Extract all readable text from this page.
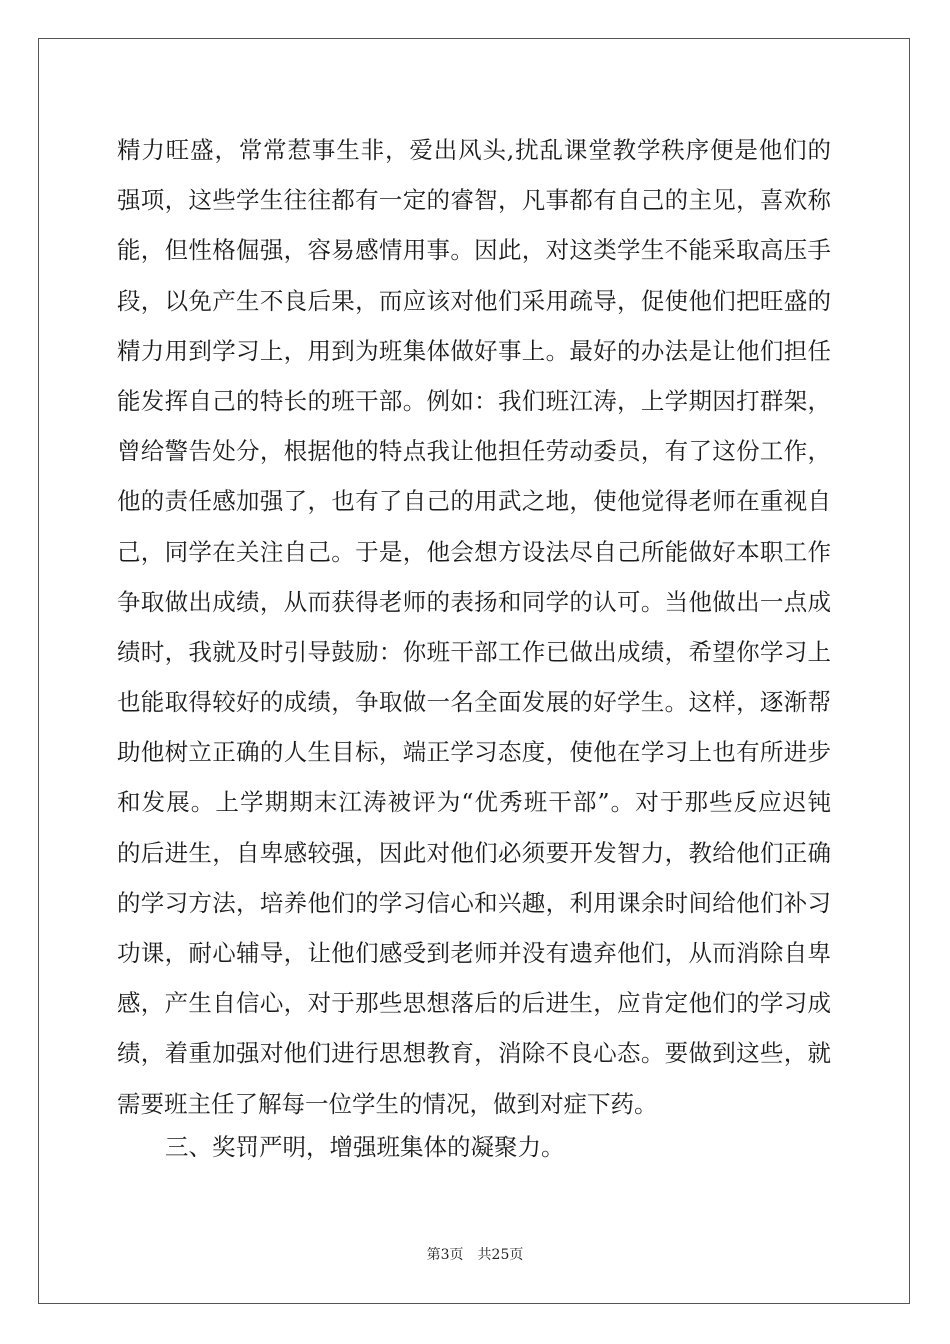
精力旺盛，常常惹事生非，爱出风头,扰乱课堂教学秩序便是他们的
强项，这些学生往往都有一定的睿智，凡事都有自己的主见，喜欢称
能，但性格倔强，容易感情用事。因此，对这类学生不能采取高压手
段，以免产生不良后果，而应该对他们采用疏导，促使他们把旺盛的
精力用到学习上，用到为班集体做好事上。最好的办法是让他们担任
能发挥自己的特长的班干部。例如：我们班江涛，上学期因打群架，
曾给警告处分，根据他的特点我让他担任劳动委员，有了这份工作，
他的责任感加强了，也有了自己的用武之地，使他觉得老师在重视自
己，同学在关注自己。于是，他会想方设法尽自己所能做好本职工作
争取做出成绩，从而获得老师的表扬和同学的认可。当他做出一点成
绩时，我就及时引导鼓励：你班干部工作已做出成绩，希望你学习上
也能取得较好的成绩，争取做一名全面发展的好学生。这样，逐渐帮
助他树立正确的人生目标，端正学习态度，使他在学习上也有所进步
和发展。上学期期末江涛被评为“优秀班干部”。对于那些反应迟钝
的后进生，自卑感较强，因此对他们必须要开发智力，教给他们正确
的学习方法，培养他们的学习信心和兴趣，利用课余时间给他们补习
功课，耐心辅导，让他们感受到老师并没有遗弃他们，从而消除自卑
感，产生自信心，对于那些思想落后的后进生，应肯定他们的学习成
绩，着重加强对他们进行思想教育，消除不良心态。要做到这些，就
需要班主任了解每一位学生的情况，做到对症下药。
三、奖罚严明，增强班集体的凝聚力。
第3页 共25页
